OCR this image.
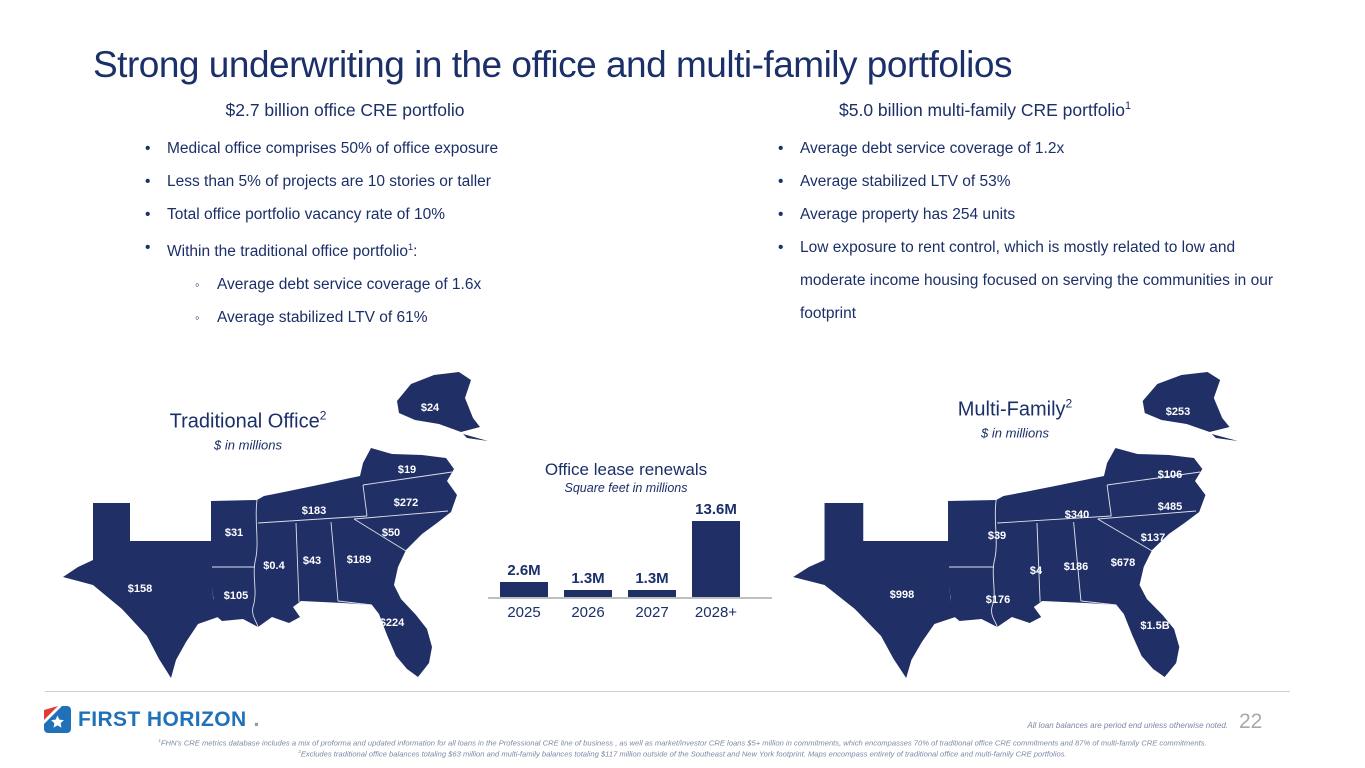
Strong underwriting in the office and multi-family portfolios
$2.7 billion office CRE portfolio
• Medical office comprises 50% of office exposure
• Less than 5% of projects are 10 stories or taller
• Total office portfolio vacancy rate of 10%
• Within the traditional office portfolio$^1$:
◦ Average debt service coverage of 1.6x
◦ Average stabilized LTV of 61%
$5.0 billion multi-family CRE portfolio$^1$
• Average debt service coverage of 1.2x
• Average stabilized LTV of 53%
• Average property has 254 units
• Low exposure to rent control, which is mostly related to low and moderate income housing focused on serving the communities in our footprint
Traditional Office$^2$
$ in millions
$158
$31
$105
$0.4 $43
$183
$189
$50
$272
$19
$224
$24
Office lease renewals
Square feet in millions
2.6M 1.3M 1.3M
13.6M
2025	2026	2027	2028+
Multi-Family$^2$
$ in millions
$998
$39
$176
$4 $186
$340
$678
$137
$485
$106
$1.5B
$253
FIRST HORIZON .	All loan balances are period end unless otherwise noted.
$^1$FHN's CRE metrics database includes a mix of proforma and updated information for all loans in the Professional CRE line of business , as well as market/investor CRE loans $5+ million in commitments, which encompasses 70% of traditional office CRE commitments and 87% of multi-family CRE commitments.
$^2$Excludes traditional office balances totaling $63 million and multi-family balances totaling $117 million outside of the Southeast and New York footprint. Maps encompass entirety of traditional office and multi-family CRE portfolios.
22
